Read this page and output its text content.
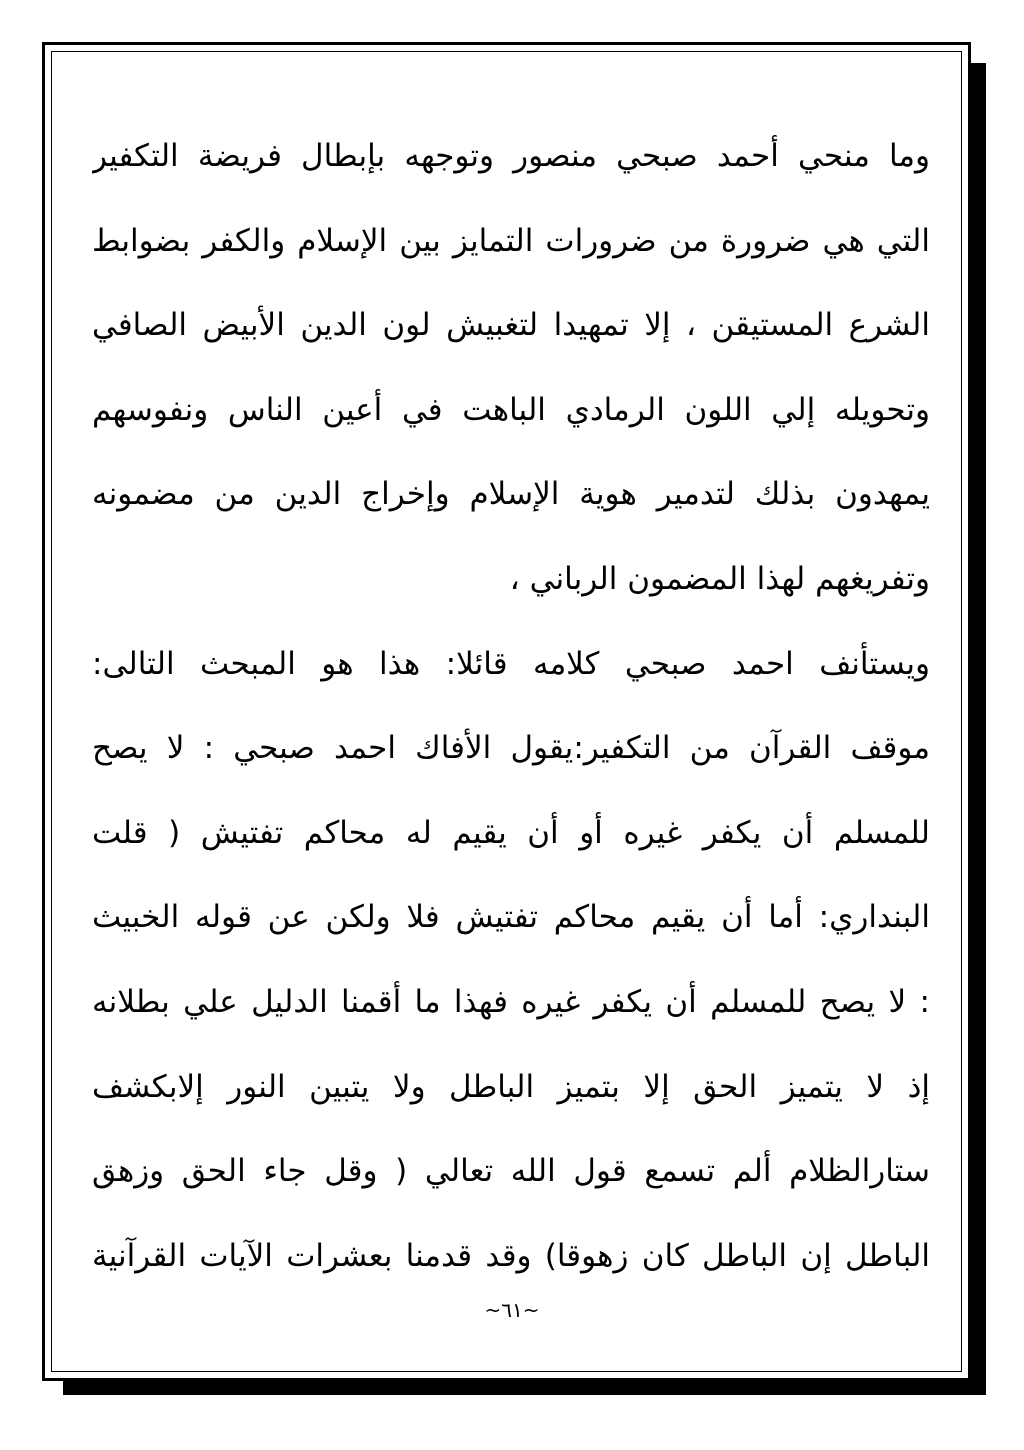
وما منحي أحمد صبحي منصور وتوجهه بإبطال فريضة التكفير
التي هي ضرورة من ضرورات التمايز بين الإسلام والكفر بضوابط
الشرع المستيقن ، إلا تمهيدا لتغبيش لون الدين الأبيض الصافي
وتحويله إلي اللون الرمادي الباهت في أعين الناس ونفوسهم
يمهدون بذلك لتدمير هوية الإسلام وإخراج الدين من مضمونه
وتفريغهم لهذا المضمون الرباني ،
ويستأنف احمد صبحي كلامه قائلا: هذا هو المبحث التالى:
موقف القرآن من التكفير:يقول الأفاك احمد صبحي : لا يصح
للمسلم أن يكفر غيره أو أن يقيم له محاكم تفتيش ( قلت
البنداري: أما أن يقيم محاكم تفتيش فلا ولكن عن قوله الخبيث
: لا يصح للمسلم أن يكفر غيره فهذا ما أقمنا الدليل علي بطلانه
إذ لا يتميز الحق إلا بتميز الباطل ولا يتبين النور إلابكشف
ستارالظلام ألم تسمع قول الله تعالي ( وقل جاء الحق وزهق
الباطل إن الباطل كان زهوقا) وقد قدمنا بعشرات الآيات القرآنية
~٦١~
